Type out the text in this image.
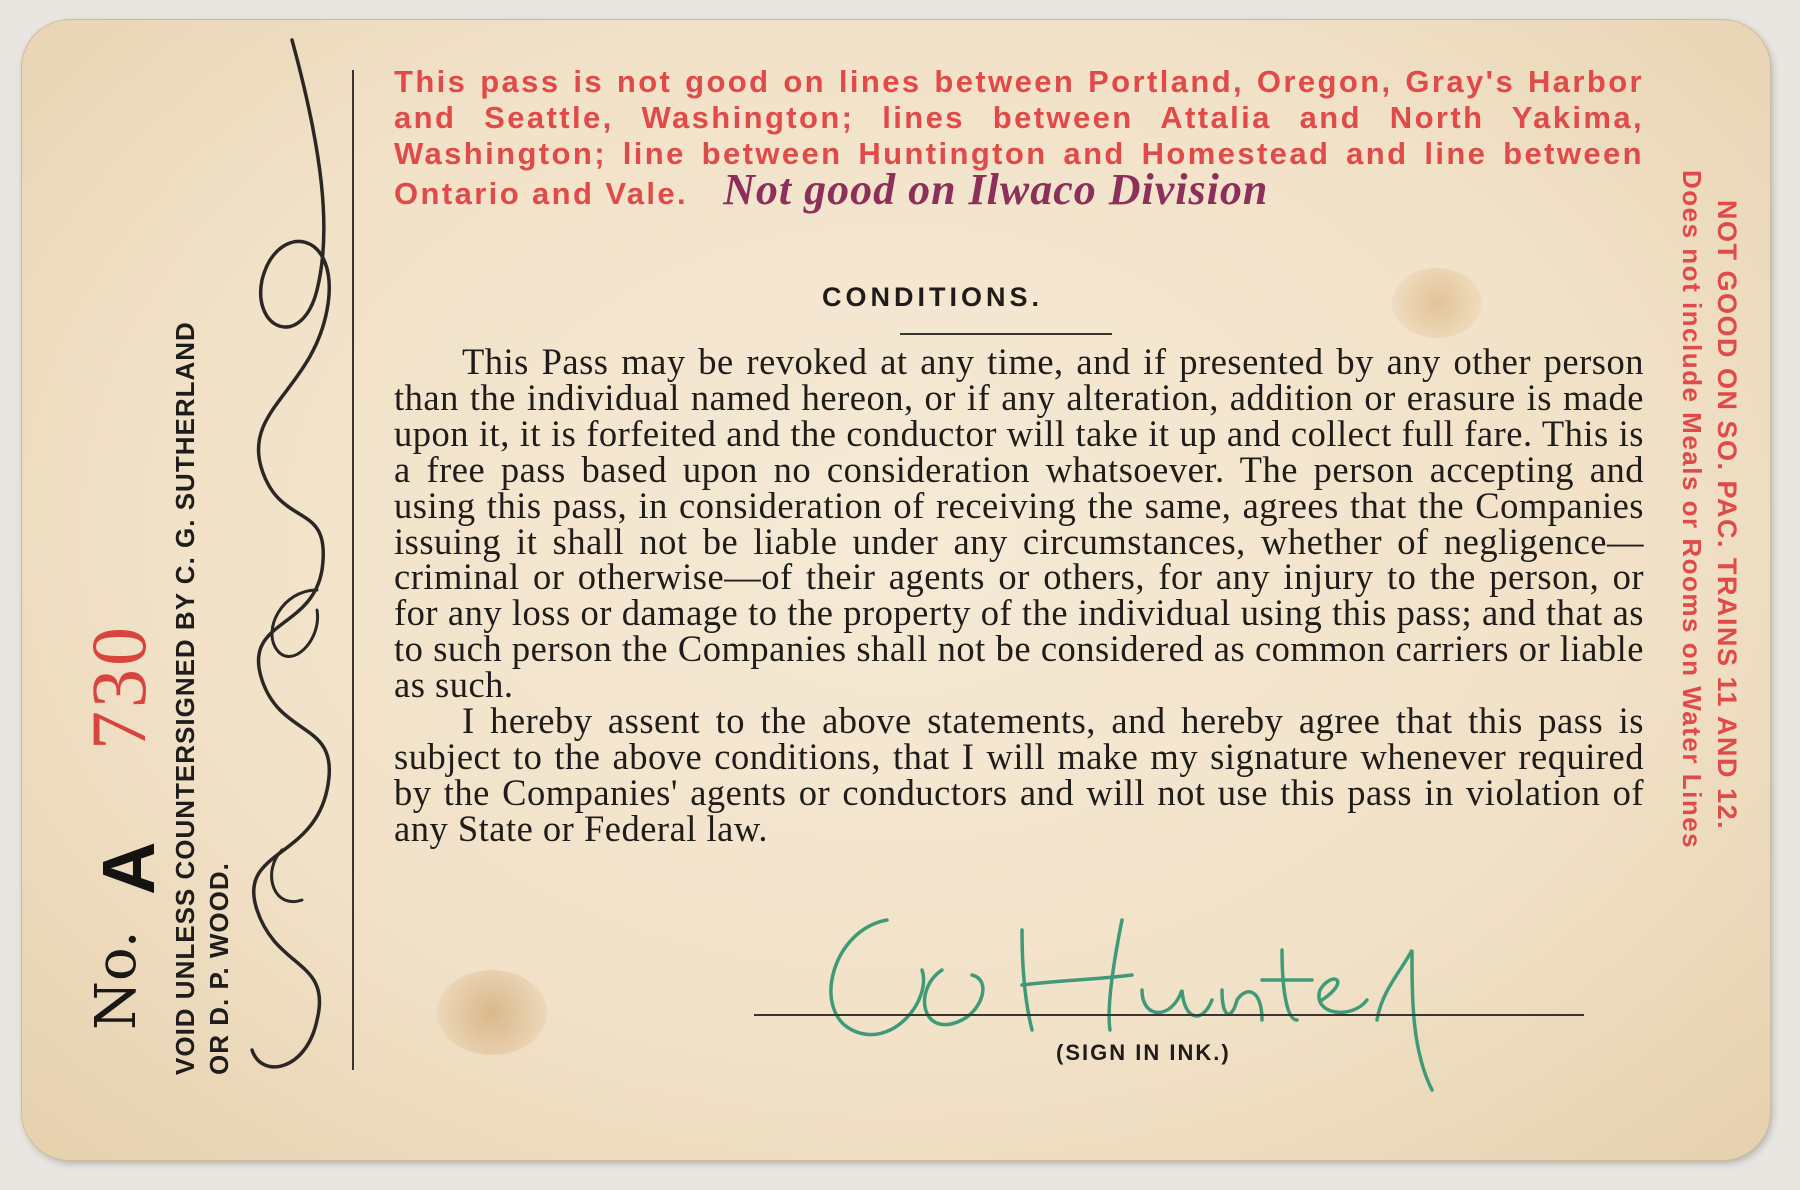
VOID UNLESS COUNTERSIGNED BY C. G. SUTHERLAND OR D. P. WOOD.
No.
A
730
This pass is not good on lines between Portland, Oregon, Gray's Harbor and Seattle, Washington; lines between Attalia and North Yakima, Washington; line between Huntington and Homestead and line between Ontario and Vale. Not good on Ilwaco Division
CONDITIONS.

This Pass may be revoked at any time, and if presented by any other person than the individual named hereon, or if any alteration, addition or erasure is made upon it, it is forfeited and the conductor will take it up and collect full fare. This is a free pass based upon no consideration whatsoever. The person accepting and using this pass, in consideration of receiving the same, agrees that the Companies issuing it shall not be liable under any circumstances, whether of negligence—criminal or otherwise—of their agents or others, for any injury to the person, or for any loss or damage to the property of the individual using this pass; and that as to such person the Companies shall not be considered as common carriers or liable as such.

I hereby assent to the above statements, and hereby agree that this pass is subject to the above conditions, that I will make my signature whenever required by the Companies' agents or conductors and will not use this pass in violation of any State or Federal law.

(SIGN IN INK.)
NOT GOOD ON SO. PAC. TRAINS 11 AND 12.
Does not include Meals or Rooms on Water Lines
